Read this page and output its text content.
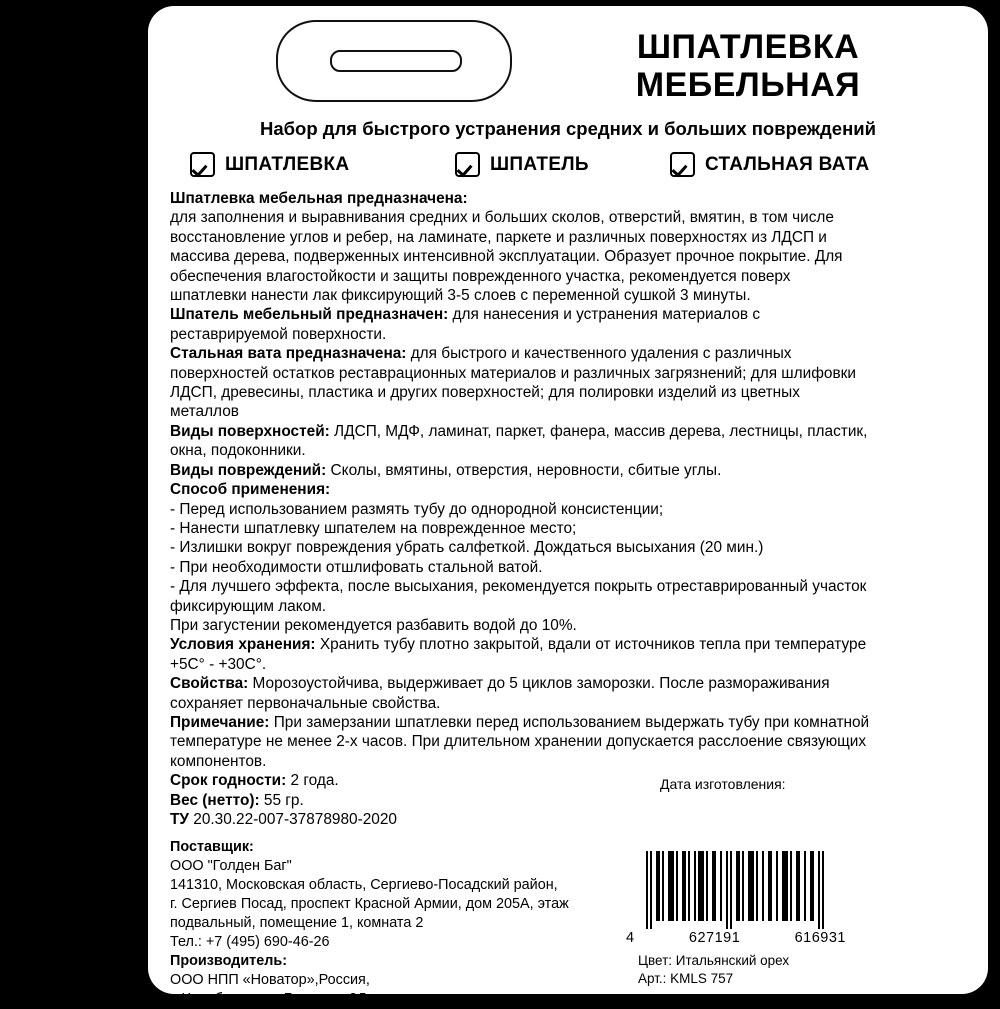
ШПАТЛЕВКА
МЕБЕЛЬНАЯ
Набор для быстрого устранения средних и больших повреждений
ШПАТЛЕВКА	ШПАТЕЛЬ	СТАЛЬНАЯ ВАТА

Шпатлевка мебельная предназначена:

для заполнения и выравнивания средних и больших сколов, отверстий, вмятин, в том числе восстановление углов и ребер, на ламинате, паркете и различных поверхностях из ЛДСП и массива дерева, подверженных интенсивной эксплуатации. Образует прочное покрытие. Для обеспечения влагостойкости и защиты поврежденного участка, рекомендуется поверх шпатлевки нанести лак фиксирующий 3-5 слоев с переменной сушкой 3 минуты.

Шпатель мебельный предназначен: для нанесения и устранения материалов с реставрируемой поверхности.

Стальная вата предназначена: для быстрого и качественного удаления с различных поверхностей остатков реставрационных материалов и различных загрязнений; для шлифовки ЛДСП, древесины, пластика и других поверхностей; для полировки изделий из цветных металлов

Виды поверхностей: ЛДСП, МДФ, ламинат, паркет, фанера, массив дерева, лестницы, пластик, окна, подоконники.

Виды повреждений: Сколы, вмятины, отверстия, неровности, сбитые углы.

Способ применения:

- Перед использованием размять тубу до однородной консистенции;

- Нанести шпатлевку шпателем на поврежденное место;

- Излишки вокруг повреждения убрать салфеткой. Дождаться высыхания (20 мин.)

- При необходимости отшлифовать стальной ватой.

- Для лучшего эффекта, после высыхания, рекомендуется покрыть отреставрированный участок фиксирующим лаком.

При загустении рекомендуется разбавить водой до 10%.

Условия хранения: Хранить тубу плотно закрытой, вдали от источников тепла при температуре +5С° - +30С°.

Свойства: Морозоустойчива, выдерживает до 5 циклов заморозки. После размораживания сохраняет первоначальные свойства.

Примечание: При замерзании шпатлевки перед использованием выдержать тубу при комнатной температуре не менее 2-х часов. При длительном хранении допускается расслоение связующих компонентов.

Срок годности: 2 года.

Вес (нетто): 55 гр.

ТУ 20.30.22-007-37878980-2020

Поставщик:

ООО "Голден Баг"

141310, Московская область, Сергиево-Посадский район,

г. Сергиев Посад, проспект Красной Армии, дом 205А, этаж

подвальный, помещение 1, комната 2

Тел.: +7 (495) 690-46-26

Производитель:

ООО НПП «Новатор»,Россия,

г. Челябинск, ул. Братская 2Д.

Дата изготовления:
4	627191	616931

Цвет: Итальянский орех

Арт.: KMLS 757
